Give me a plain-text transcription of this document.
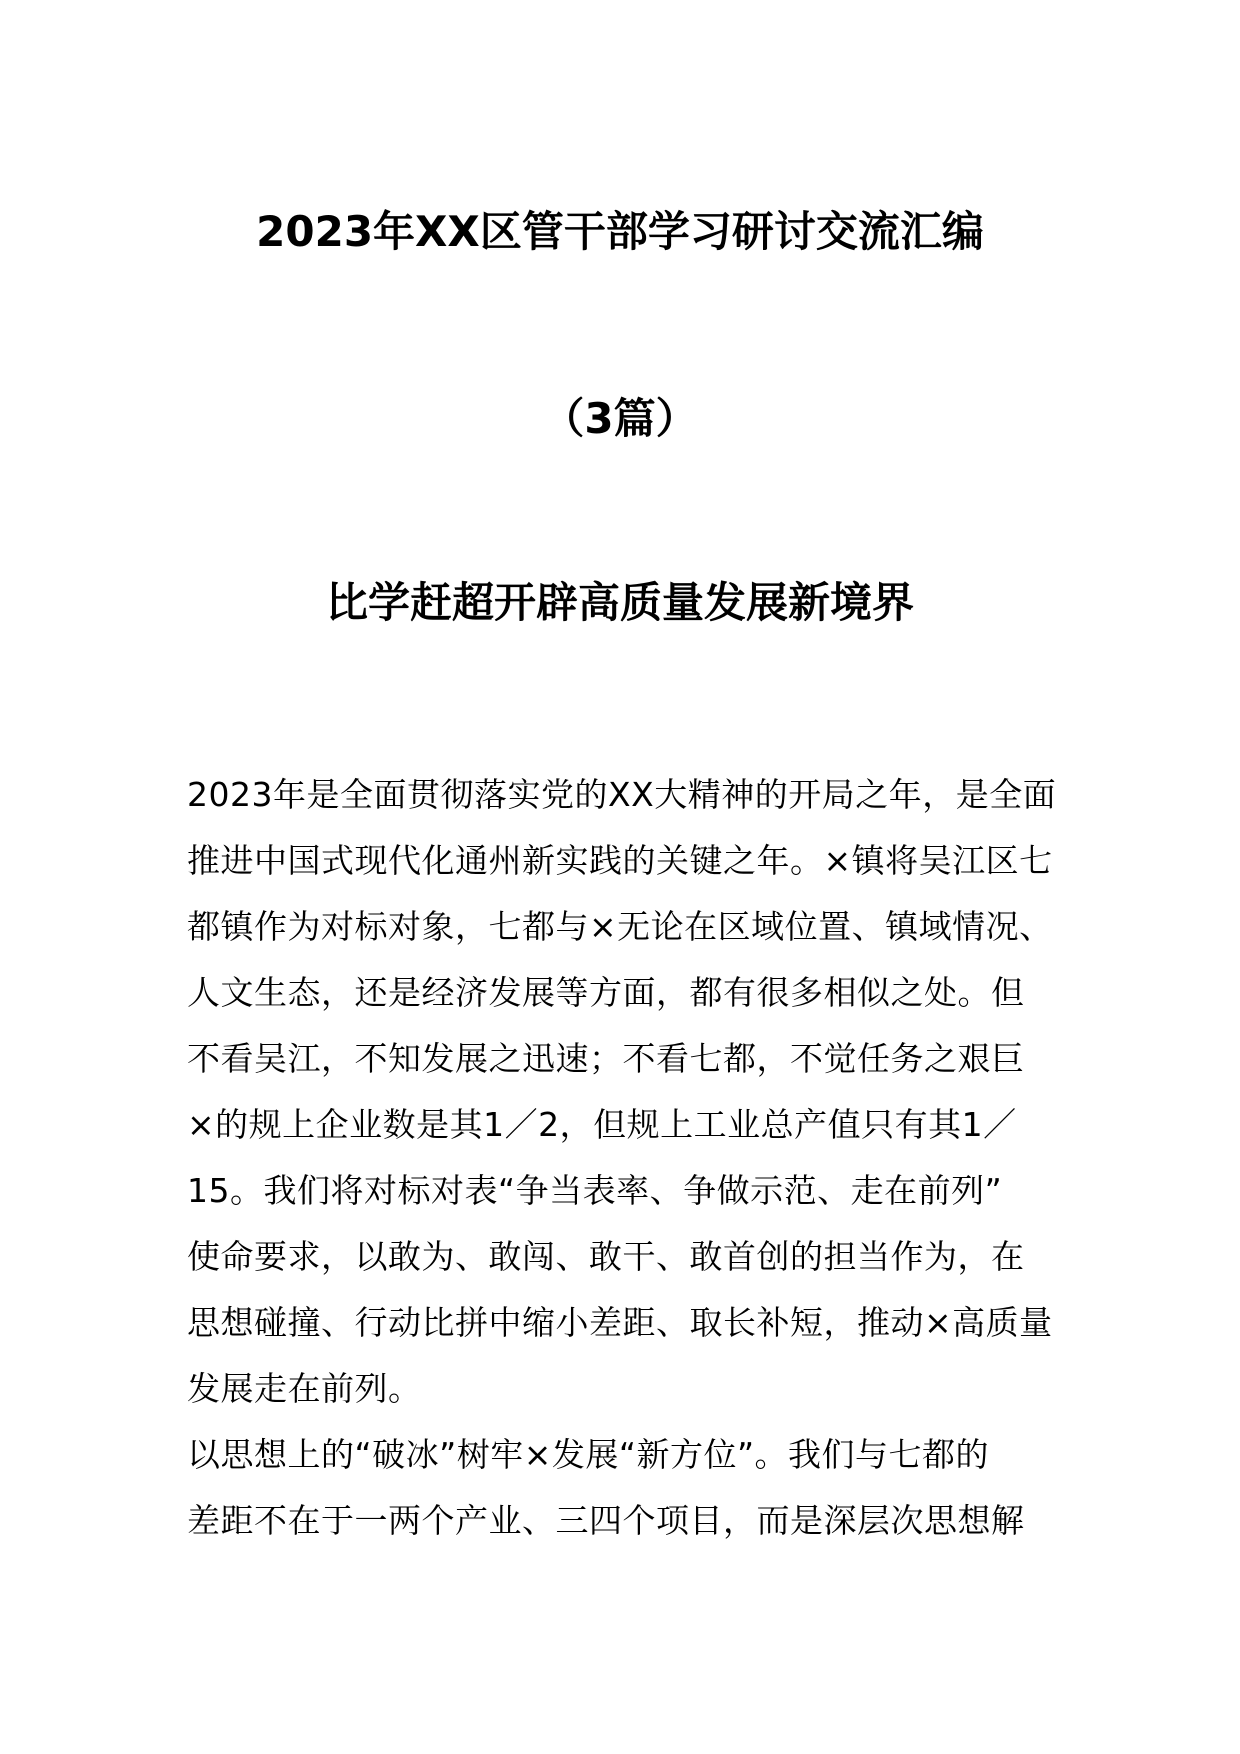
2023年XX区管干部学习研讨交流汇编
（3篇）
比学赶超开辟高质量发展新境界
2023年是全面贯彻落实党的XX大精神的开局之年，是全面
推进中国式现代化通州新实践的关键之年。×镇将吴江区七
都镇作为对标对象，七都与×无论在区域位置、镇域情况、
人文生态，还是经济发展等方面，都有很多相似之处。但
不看吴江，不知发展之迅速；不看七都，不觉任务之艰巨
×的规上企业数是其1／2，但规上工业总产值只有其1／
15。我们将对标对表“争当表率、争做示范、走在前列”
使命要求，以敢为、敢闯、敢干、敢首创的担当作为，在
思想碰撞、行动比拼中缩小差距、取长补短，推动×高质量
发展走在前列。
以思想上的“破冰”树牢×发展“新方位”。我们与七都的
差距不在于一两个产业、三四个项目，而是深层次思想解
